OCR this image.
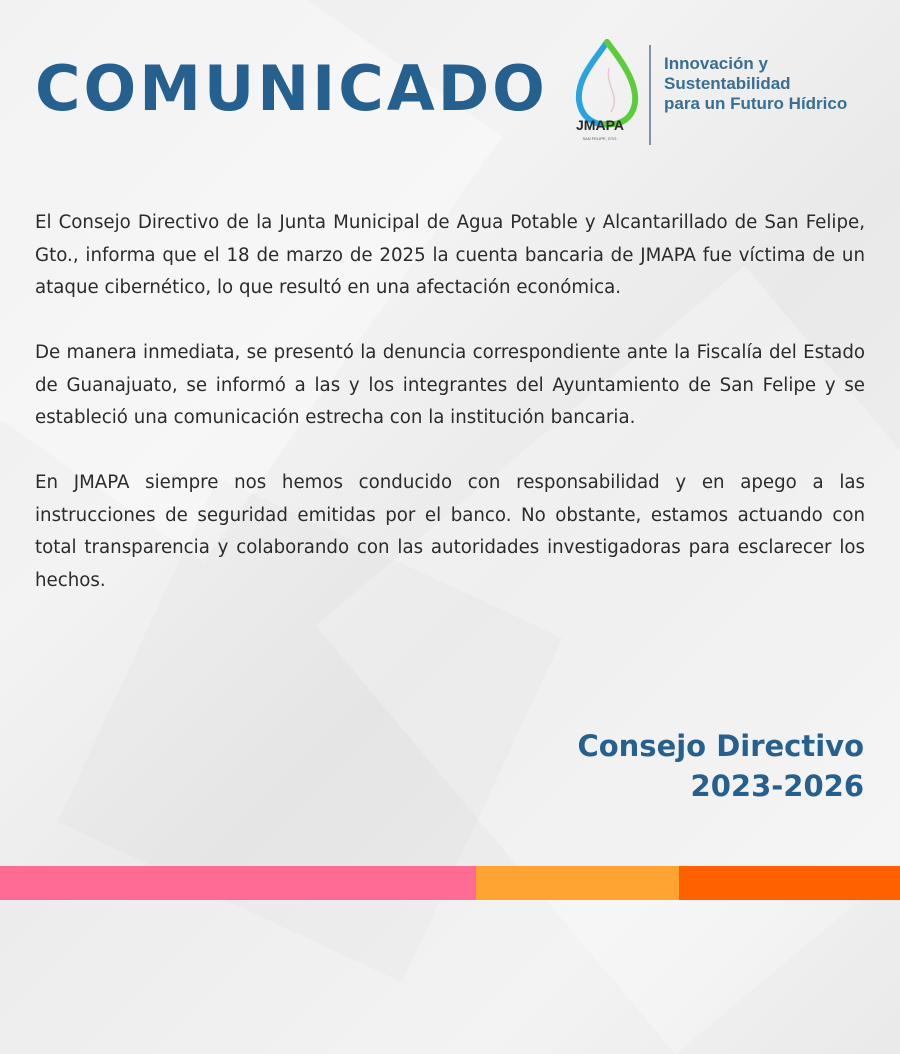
COMUNICADO JMAPA
SAN FELIPE, GTO.
Innovación y
Sustentabilidad
para un Futuro Hídrico

El Consejo Directivo de la Junta Municipal de Agua Potable y Alcantarillado de San Felipe, Gto., informa que el 18 de marzo de 2025 la cuenta bancaria de JMAPA fue víctima de un ataque cibernético, lo que resultó en una afectación económica.

De manera inmediata, se presentó la denuncia correspondiente ante la Fiscalía del Estado de Guanajuato, se informó a las y los integrantes del Ayuntamiento de San Felipe y se estableció una comunicación estrecha con la institución bancaria.

En JMAPA siempre nos hemos conducido con responsabilidad y en apego a las instrucciones de seguridad emitidas por el banco. No obstante, estamos actuando con total transparencia y colaborando con las autoridades investigadoras para esclarecer los hechos.

Consejo Directivo
2023-2026
